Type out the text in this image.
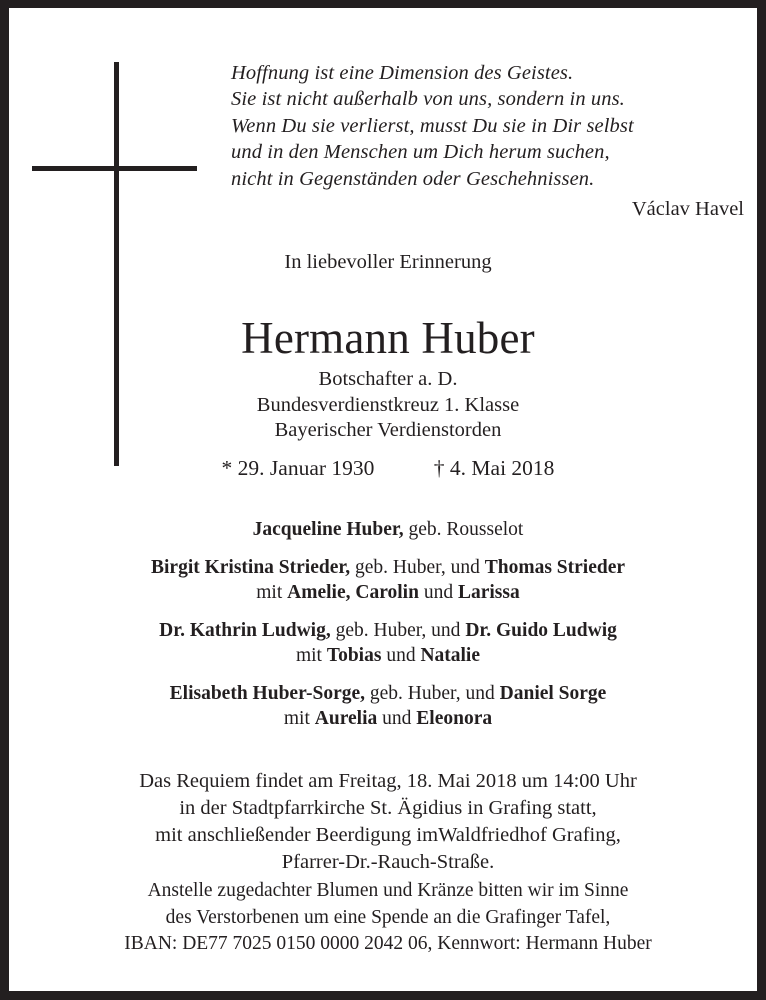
Hoffnung ist eine Dimension des Geistes.
Sie ist nicht außerhalb von uns, sondern in uns.
Wenn Du sie verlierst, musst Du sie in Dir selbst
und in den Menschen um Dich herum suchen,
nicht in Gegenständen oder Geschehnissen.
Václav Havel
In liebevoller Erinnerung
Hermann Huber
Botschafter a. D.
Bundesverdienstkreuz 1. Klasse
Bayerischer Verdienstorden
* 29. Januar 1930	† 4. Mai 2018
Jacqueline Huber, geb. Rousselot
Birgit Kristina Strieder, geb. Huber, und Thomas Strieder
mit Amelie, Carolin und Larissa
Dr. Kathrin Ludwig, geb. Huber, und Dr. Guido Ludwig
mit Tobias und Natalie
Elisabeth Huber-Sorge, geb. Huber, und Daniel Sorge
mit Aurelia und Eleonora
Das Requiem findet am Freitag, 18. Mai 2018 um 14:00 Uhr
in der Stadtpfarrkirche St. Ägidius in Grafing statt,
mit anschließender Beerdigung imWaldfriedhof Grafing,
Pfarrer-Dr.-Rauch-Straße.
Anstelle zugedachter Blumen und Kränze bitten wir im Sinne
des Verstorbenen um eine Spende an die Grafinger Tafel,
IBAN: DE77 7025 0150 0000 2042 06, Kennwort: Hermann Huber
